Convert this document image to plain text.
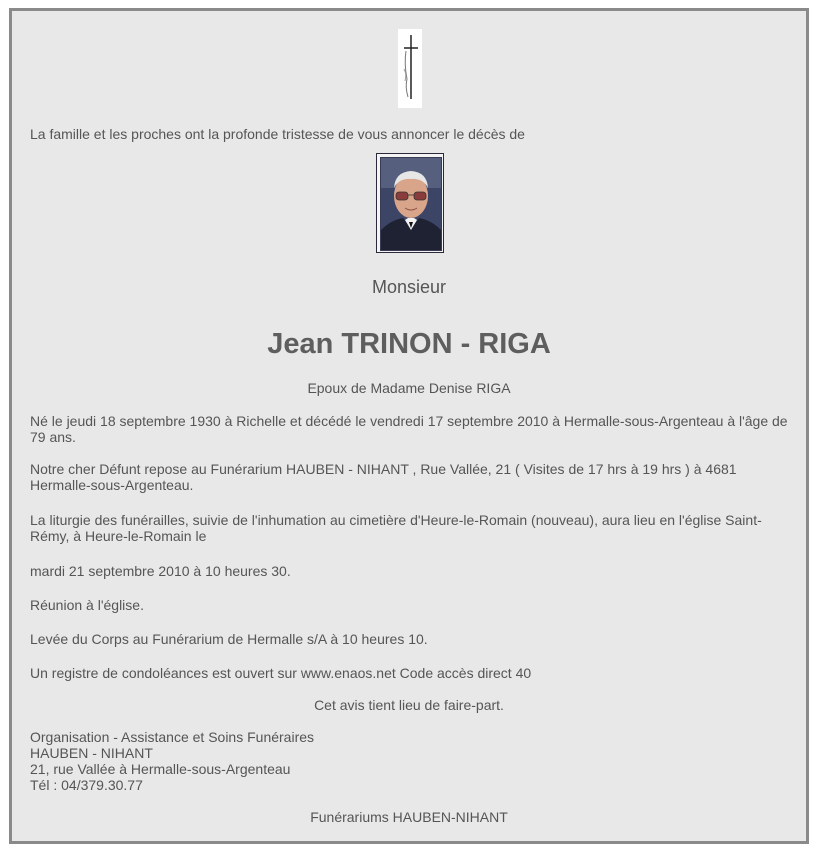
La famille et les proches ont la profonde tristesse de vous annoncer le décès de

Monsieur

Jean TRINON - RIGA

Epoux de Madame Denise RIGA

Né le jeudi 18 septembre 1930 à Richelle et décédé le vendredi 17 septembre 2010 à Hermalle-sous-Argenteau à l'âge de 79 ans.

Notre cher Défunt repose au Funérarium HAUBEN - NIHANT , Rue Vallée, 21 ( Visites de 17 hrs à 19 hrs ) à 4681 Hermalle-sous-Argenteau.

La liturgie des funérailles, suivie de l'inhumation au cimetière d'Heure-le-Romain (nouveau), aura lieu en l'église Saint-Rémy, à Heure-le-Romain le

mardi 21 septembre 2010 à 10 heures 30.

Réunion à l'église.

Levée du Corps au Funérarium de Hermalle s/A à 10 heures 10.

Un registre de condoléances est ouvert sur www.enaos.net Code accès direct 40

Cet avis tient lieu de faire-part.

Organisation - Assistance et Soins Funéraires
HAUBEN - NIHANT
21, rue Vallée à Hermalle-sous-Argenteau
Tél : 04/379.30.77

Funérariums HAUBEN-NIHANT
